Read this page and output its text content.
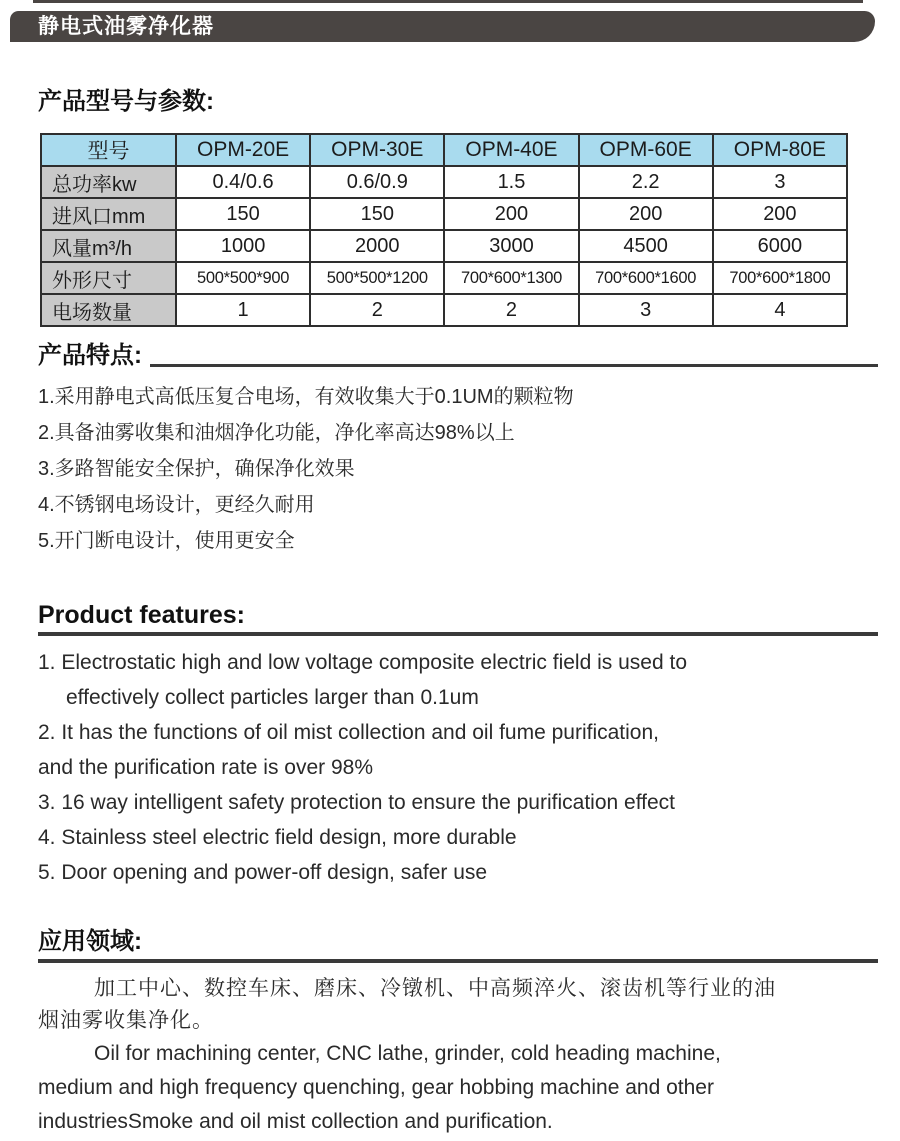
静电式油雾净化器
产品型号与参数:
型号	OPM-20E	OPM-30E	OPM-40E	OPM-60E	OPM-80E
总功率kw	0.4/0.6	0.6/0.9	1.5	2.2	3
进风口mm	150	150	200	200	200
风量m³/h	1000	2000	3000	4500	6000
外形尺寸	500*500*900	500*500*1200	700*600*1300	700*600*1600	700*600*1800
电场数量	1	2	2	3	4
产品特点:
1.采用静电式高低压复合电场，有效收集大于0.1UM的颗粒物
2.具备油雾收集和油烟净化功能，净化率高达98%以上
3.多路智能安全保护，确保净化效果
4.不锈钢电场设计，更经久耐用
5.开门断电设计，使用更安全
Product features:
1. Electrostatic high and low voltage composite electric field is used to
effectively collect particles larger than 0.1um
2. It has the functions of oil mist collection and oil fume purification,
and the purification rate is over 98%
3. 16 way intelligent safety protection to ensure the purification effect
4. Stainless steel electric field design, more durable
5. Door opening and power-off design, safer use
应用领域:
加工中心、数控车床、磨床、冷镦机、中高频淬火、滚齿机等行业的油
烟油雾收集净化。
Oil for machining center, CNC lathe, grinder, cold heading machine,
medium and high frequency quenching, gear hobbing machine and other
industriesSmoke and oil mist collection and purification.
